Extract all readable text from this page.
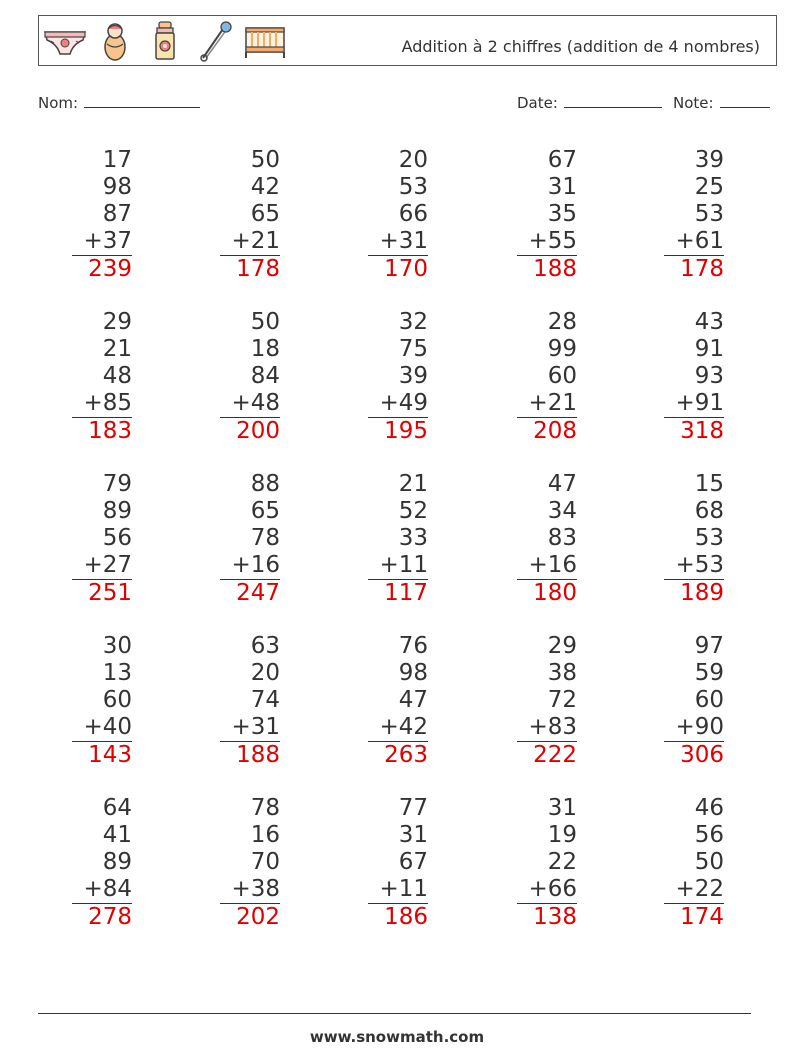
Addition à 2 chiffres (addition de 4 nombres)
Nom:	Date:	Note:
17
98
87
+37
239
50
42
65
+21
178
20
53
66
+31
170
67
31
35
+55
188
39
25
53
+61
178
29
21
48
+85
183
50
18
84
+48
200
32
75
39
+49
195
28
99
60
+21
208
43
91
93
+91
318
79
89
56
+27
251
88
65
78
+16
247
21
52
33
+11
117
47
34
83
+16
180
15
68
53
+53
189
30
13
60
+40
143
63
20
74
+31
188
76
98
47
+42
263
29
38
72
+83
222
97
59
60
+90
306
64
41
89
+84
278
78
16
70
+38
202
77
31
67
+11
186
31
19
22
+66
138
46
56
50
+22
174
www.snowmath.com
